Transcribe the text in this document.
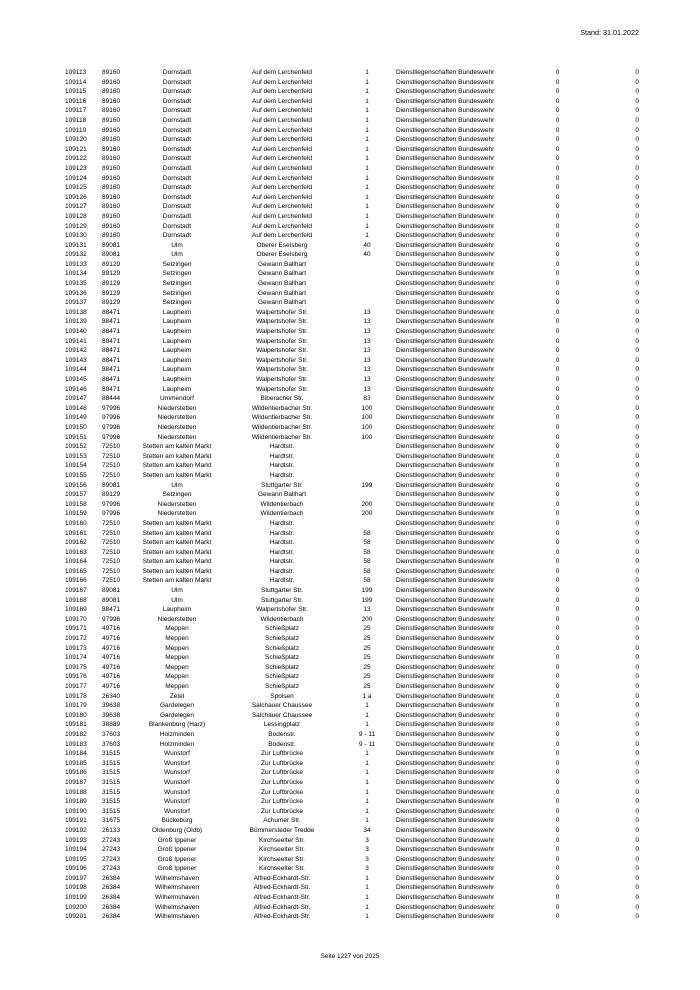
Stand: 31.01.2022
109113	89160	Dornstadt	Auf dem Lerchenfeld	1	Dienstliegenschaften Bundeswehr	0	0
109114	89160	Dornstadt	Auf dem Lerchenfeld	1	Dienstliegenschaften Bundeswehr	0	0
109115	89160	Dornstadt	Auf dem Lerchenfeld	1	Dienstliegenschaften Bundeswehr	0	0
109116	89160	Dornstadt	Auf dem Lerchenfeld	1	Dienstliegenschaften Bundeswehr	0	0
109117	89160	Dornstadt	Auf dem Lerchenfeld	1	Dienstliegenschaften Bundeswehr	0	0
109118	89160	Dornstadt	Auf dem Lerchenfeld	1	Dienstliegenschaften Bundeswehr	0	0
109119	89160	Dornstadt	Auf dem Lerchenfeld	1	Dienstliegenschaften Bundeswehr	0	0
109120	89160	Dornstadt	Auf dem Lerchenfeld	1	Dienstliegenschaften Bundeswehr	0	0
109121	89160	Dornstadt	Auf dem Lerchenfeld	1	Dienstliegenschaften Bundeswehr	0	0
109122	89160	Dornstadt	Auf dem Lerchenfeld	1	Dienstliegenschaften Bundeswehr	0	0
109123	89160	Dornstadt	Auf dem Lerchenfeld	1	Dienstliegenschaften Bundeswehr	0	0
109124	89160	Dornstadt	Auf dem Lerchenfeld	1	Dienstliegenschaften Bundeswehr	0	0
109125	89160	Dornstadt	Auf dem Lerchenfeld	1	Dienstliegenschaften Bundeswehr	0	0
109126	89160	Dornstadt	Auf dem Lerchenfeld	1	Dienstliegenschaften Bundeswehr	0	0
109127	89160	Dornstadt	Auf dem Lerchenfeld	1	Dienstliegenschaften Bundeswehr	0	0
109128	89160	Dornstadt	Auf dem Lerchenfeld	1	Dienstliegenschaften Bundeswehr	0	0
109129	89160	Dornstadt	Auf dem Lerchenfeld	1	Dienstliegenschaften Bundeswehr	0	0
109130	89160	Dornstadt	Auf dem Lerchenfeld	1	Dienstliegenschaften Bundeswehr	0	0
109131	89081	Ulm	Oberer Eselsberg	40	Dienstliegenschaften Bundeswehr	0	0
109132	89081	Ulm	Oberer Eselsberg	40	Dienstliegenschaften Bundeswehr	0	0
109133	89129	Setzingen	Gewann Ballhart		Dienstliegenschaften Bundeswehr	0	0
109134	89129	Setzingen	Gewann Ballhart		Dienstliegenschaften Bundeswehr	0	0
109135	89129	Setzingen	Gewann Ballhart		Dienstliegenschaften Bundeswehr	0	0
109136	89129	Setzingen	Gewann Ballhart		Dienstliegenschaften Bundeswehr	0	0
109137	89129	Setzingen	Gewann Ballhart		Dienstliegenschaften Bundeswehr	0	0
109138	88471	Laupheim	Walpertshofer Str.	13	Dienstliegenschaften Bundeswehr	0	0
109139	88471	Laupheim	Walpertshofer Str.	13	Dienstliegenschaften Bundeswehr	0	0
109140	88471	Laupheim	Walpertshofer Str.	13	Dienstliegenschaften Bundeswehr	0	0
109141	88471	Laupheim	Walpertshofer Str.	13	Dienstliegenschaften Bundeswehr	0	0
109142	88471	Laupheim	Walpertshofer Str.	13	Dienstliegenschaften Bundeswehr	0	0
109143	88471	Laupheim	Walpertshofer Str.	13	Dienstliegenschaften Bundeswehr	0	0
109144	88471	Laupheim	Walpertshofer Str.	13	Dienstliegenschaften Bundeswehr	0	0
109145	88471	Laupheim	Walpertshofer Str.	13	Dienstliegenschaften Bundeswehr	0	0
109146	88471	Laupheim	Walpertshofer Str.	13	Dienstliegenschaften Bundeswehr	0	0
109147	88444	Ummendorf	Biberacher Str.	83	Dienstliegenschaften Bundeswehr	0	0
109148	97996	Niederstetten	Wildentierbacher Str.	100	Dienstliegenschaften Bundeswehr	0	0
109149	97996	Niederstetten	Wildentierbacher Str.	100	Dienstliegenschaften Bundeswehr	0	0
109150	97996	Niederstetten	Wildentierbacher Str.	100	Dienstliegenschaften Bundeswehr	0	0
109151	97996	Niederstetten	Wildentierbacher Str.	100	Dienstliegenschaften Bundeswehr	0	0
109152	72510	Stetten am kalten Markt	Hardtstr.		Dienstliegenschaften Bundeswehr	0	0
109153	72510	Stetten am kalten Markt	Hardtstr.		Dienstliegenschaften Bundeswehr	0	0
109154	72510	Stetten am kalten Markt	Hardtstr.		Dienstliegenschaften Bundeswehr	0	0
109155	72510	Stetten am kalten Markt	Hardtstr.		Dienstliegenschaften Bundeswehr	0	0
109156	89081	Ulm	Stuttgarter Str.	199	Dienstliegenschaften Bundeswehr	0	0
109157	89129	Setzingen	Gewann Ballhart		Dienstliegenschaften Bundeswehr	0	0
109158	97996	Niederstetten	Wildentierbach	200	Dienstliegenschaften Bundeswehr	0	0
109159	97996	Niederstetten	Wildentierbach	200	Dienstliegenschaften Bundeswehr	0	0
109160	72510	Stetten am kalten Markt	Hardtstr.		Dienstliegenschaften Bundeswehr	0	0
109161	72510	Stetten am kalten Markt	Hardtstr.	58	Dienstliegenschaften Bundeswehr	0	0
109162	72510	Stetten am kalten Markt	Hardtstr.	58	Dienstliegenschaften Bundeswehr	0	0
109163	72510	Stetten am kalten Markt	Hardtstr.	58	Dienstliegenschaften Bundeswehr	0	0
109164	72510	Stetten am kalten Markt	Hardtstr.	58	Dienstliegenschaften Bundeswehr	0	0
109165	72510	Stetten am kalten Markt	Hardtstr.	58	Dienstliegenschaften Bundeswehr	0	0
109166	72510	Stetten am kalten Markt	Hardtstr.	58	Dienstliegenschaften Bundeswehr	0	0
109167	89081	Ulm	Stuttgarter Str.	199	Dienstliegenschaften Bundeswehr	0	0
109168	89081	Ulm	Stuttgarter Str.	199	Dienstliegenschaften Bundeswehr	0	0
109169	88471	Laupheim	Walpertshofer Str.	13	Dienstliegenschaften Bundeswehr	0	0
109170	97996	Niederstetten	Wildentierbach	200	Dienstliegenschaften Bundeswehr	0	0
109171	49716	Meppen	Schießplatz	25	Dienstliegenschaften Bundeswehr	0	0
109172	49716	Meppen	Schießplatz	25	Dienstliegenschaften Bundeswehr	0	0
109173	49716	Meppen	Schießplatz	25	Dienstliegenschaften Bundeswehr	0	0
109174	49716	Meppen	Schießplatz	25	Dienstliegenschaften Bundeswehr	0	0
109175	49716	Meppen	Schießplatz	25	Dienstliegenschaften Bundeswehr	0	0
109176	49716	Meppen	Schießplatz	25	Dienstliegenschaften Bundeswehr	0	0
109177	49716	Meppen	Schießplatz	25	Dienstliegenschaften Bundeswehr	0	0
109178	26340	Zetel	Spolsen	1 a	Dienstliegenschaften Bundeswehr	0	0
109179	39638	Gardelegen	Salchauer Chaussee	1	Dienstliegenschaften Bundeswehr	0	0
109180	39638	Gardelegen	Salchauer Chaussee	1	Dienstliegenschaften Bundeswehr	0	0
109181	38889	Blankenburg (Harz)	Lessingplatz	1	Dienstliegenschaften Bundeswehr	0	0
109182	37603	Holzminden	Bodenstr.	9 - 11	Dienstliegenschaften Bundeswehr	0	0
109183	37603	Holzminden	Bodenstr.	9 - 11	Dienstliegenschaften Bundeswehr	0	0
109184	31515	Wunstorf	Zur Luftbrücke	1	Dienstliegenschaften Bundeswehr	0	0
109185	31515	Wunstorf	Zur Luftbrücke	1	Dienstliegenschaften Bundeswehr	0	0
109186	31515	Wunstorf	Zur Luftbrücke	1	Dienstliegenschaften Bundeswehr	0	0
109187	31515	Wunstorf	Zur Luftbrücke	1	Dienstliegenschaften Bundeswehr	0	0
109188	31515	Wunstorf	Zur Luftbrücke	1	Dienstliegenschaften Bundeswehr	0	0
109189	31515	Wunstorf	Zur Luftbrücke	1	Dienstliegenschaften Bundeswehr	0	0
109190	31515	Wunstorf	Zur Luftbrücke	1	Dienstliegenschaften Bundeswehr	0	0
109191	31675	Bückeburg	Achumer Str.	1	Dienstliegenschaften Bundeswehr	0	0
109192	26133	Oldenburg (Oldb)	Bümmersteder Tredde	34	Dienstliegenschaften Bundeswehr	0	0
109193	27243	Groß Ippener	Kirchseelter Str.	3	Dienstliegenschaften Bundeswehr	0	0
109194	27243	Groß Ippener	Kirchseelter Str.	3	Dienstliegenschaften Bundeswehr	0	0
109195	27243	Groß Ippener	Kirchseelter Str.	3	Dienstliegenschaften Bundeswehr	0	0
109196	27243	Groß Ippener	Kirchseelter Str.	3	Dienstliegenschaften Bundeswehr	0	0
109197	26384	Wilhelmshaven	Alfred-Eckhardt-Str.	1	Dienstliegenschaften Bundeswehr	0	0
109198	26384	Wilhelmshaven	Alfred-Eckhardt-Str.	1	Dienstliegenschaften Bundeswehr	0	0
109199	26384	Wilhelmshaven	Alfred-Eckhardt-Str.	1	Dienstliegenschaften Bundeswehr	0	0
109200	26384	Wilhelmshaven	Alfred-Eckhardt-Str.	1	Dienstliegenschaften Bundeswehr	0	0
109201	26384	Wilhelmshaven	Alfred-Eckhardt-Str.	1	Dienstliegenschaften Bundeswehr	0	0
Seite 1227 von 2025
